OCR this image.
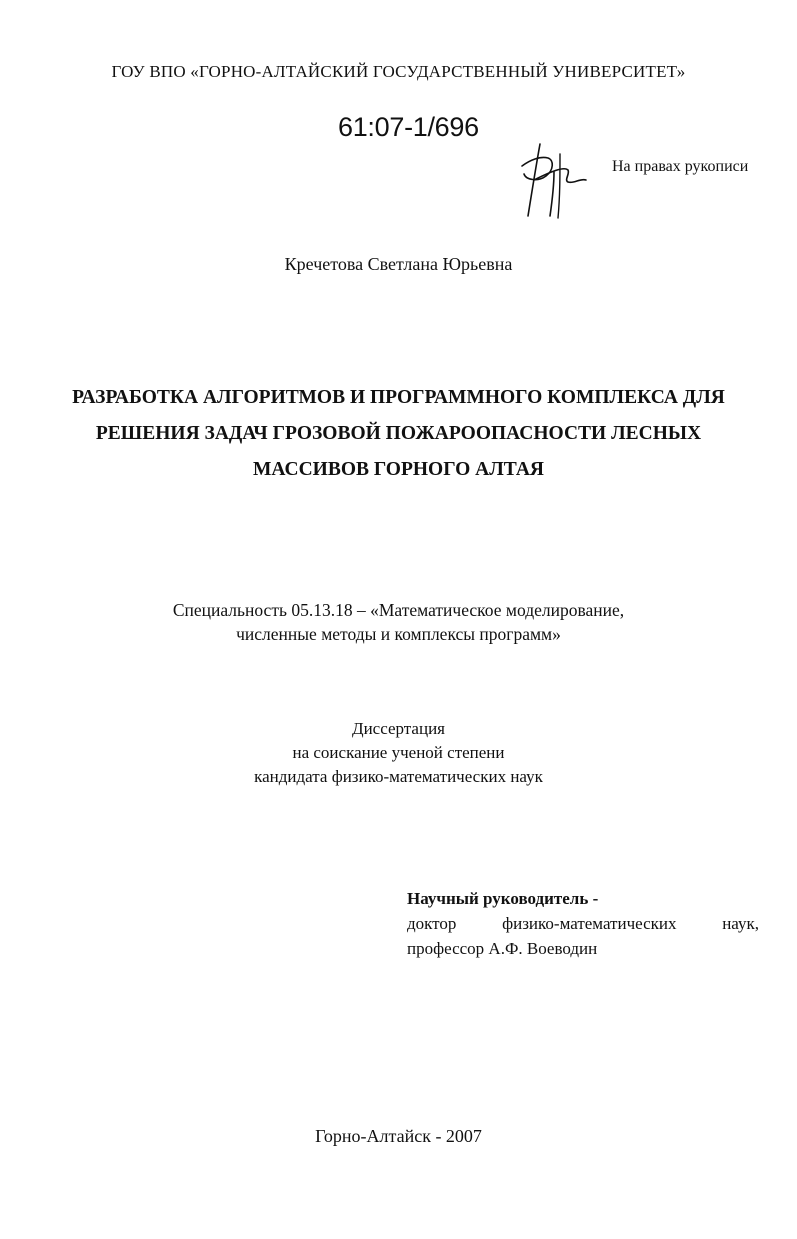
ГОУ ВПО «ГОРНО-АЛТАЙСКИЙ ГОСУДАРСТВЕННЫЙ УНИВЕРСИТЕТ»
61:07-1/696
На правах рукописи
Кречетова Светлана Юрьевна
РАЗРАБОТКА АЛГОРИТМОВ И ПРОГРАММНОГО КОМПЛЕКСА ДЛЯ
РЕШЕНИЯ ЗАДАЧ ГРОЗОВОЙ ПОЖАРООПАСНОСТИ ЛЕСНЫХ
МАССИВОВ ГОРНОГО АЛТАЯ
Специальность 05.13.18 – «Математическое моделирование,
численные методы и комплексы программ»
Диссертация
на соискание ученой степени
кандидата физико-математических наук
Научный руководитель -
доктор	физико-математических	наук,
профессор А.Ф. Воеводин
Горно-Алтайск - 2007
